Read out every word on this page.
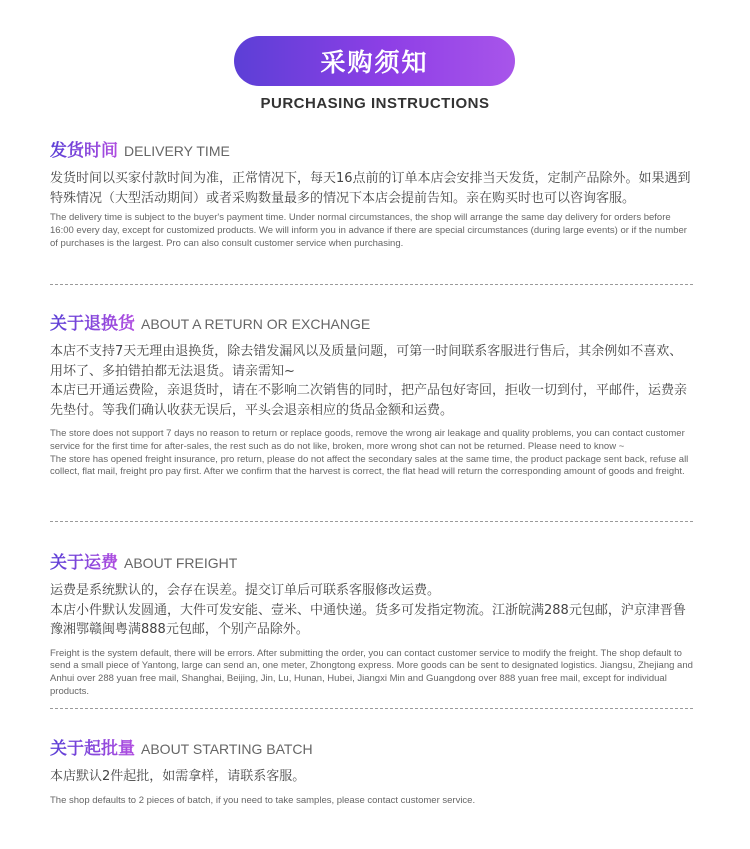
采购须知
PURCHASING INSTRUCTIONS
发货时间 DELIVERY TIME

发货时间以买家付款时间为准，正常情况下，每天16点前的订单本店会安排当天发货，定制产品除外。如果遇到特殊情况（大型活动期间）或者采购数量最多的情况下本店会提前告知。亲在购买时也可以咨询客服。

The delivery time is subject to the buyer's payment time. Under normal circumstances, the shop will arrange the same day delivery for orders before 16:00 every day, except for customized products. We will inform you in advance if there are special circumstances (during large events) or if the number of purchases is the largest. Pro can also consult customer service when purchasing.

关于退换货 ABOUT A RETURN OR EXCHANGE

本店不支持7天无理由退换货，除去错发漏风以及质量问题，可第一时间联系客服进行售后，其余例如不喜欢、用坏了、多拍错拍都无法退货。请亲需知~

本店已开通运费险，亲退货时，请在不影响二次销售的同时，把产品包好寄回，拒收一切到付，平邮件，运费亲先垫付。等我们确认收获无误后，平头会退亲相应的货品金额和运费。

The store does not support 7 days no reason to return or replace goods, remove the wrong air leakage and quality problems, you can contact customer service for the first time for after-sales, the rest such as do not like, broken, more wrong shot can not be returned. Please need to know ~

The store has opened freight insurance, pro return, please do not affect the secondary sales at the same time, the product package sent back, refuse all collect, flat mail, freight pro pay first. After we confirm that the harvest is correct, the flat head will return the corresponding amount of goods and freight.

关于运费 ABOUT FREIGHT

运费是系统默认的，会存在误差。提交订单后可联系客服修改运费。

本店小件默认发圆通，大件可发安能、壹米、中通快递。货多可发指定物流。江浙皖满288元包邮，沪京津晋鲁豫湘鄂赣闽粤满888元包邮，个别产品除外。

Freight is the system default, there will be errors. After submitting the order, you can contact customer service to modify the freight. The shop default to send a small piece of Yantong, large can send an, one meter, Zhongtong express. More goods can be sent to designated logistics. Jiangsu, Zhejiang and Anhui over 288 yuan free mail, Shanghai, Beijing, Jin, Lu, Hunan, Hubei, Jiangxi Min and Guangdong over 888 yuan free mail, except for individual products.

关于起批量 ABOUT STARTING BATCH

本店默认2件起批，如需拿样，请联系客服。

The shop defaults to 2 pieces of batch, if you need to take samples, please contact customer service.
